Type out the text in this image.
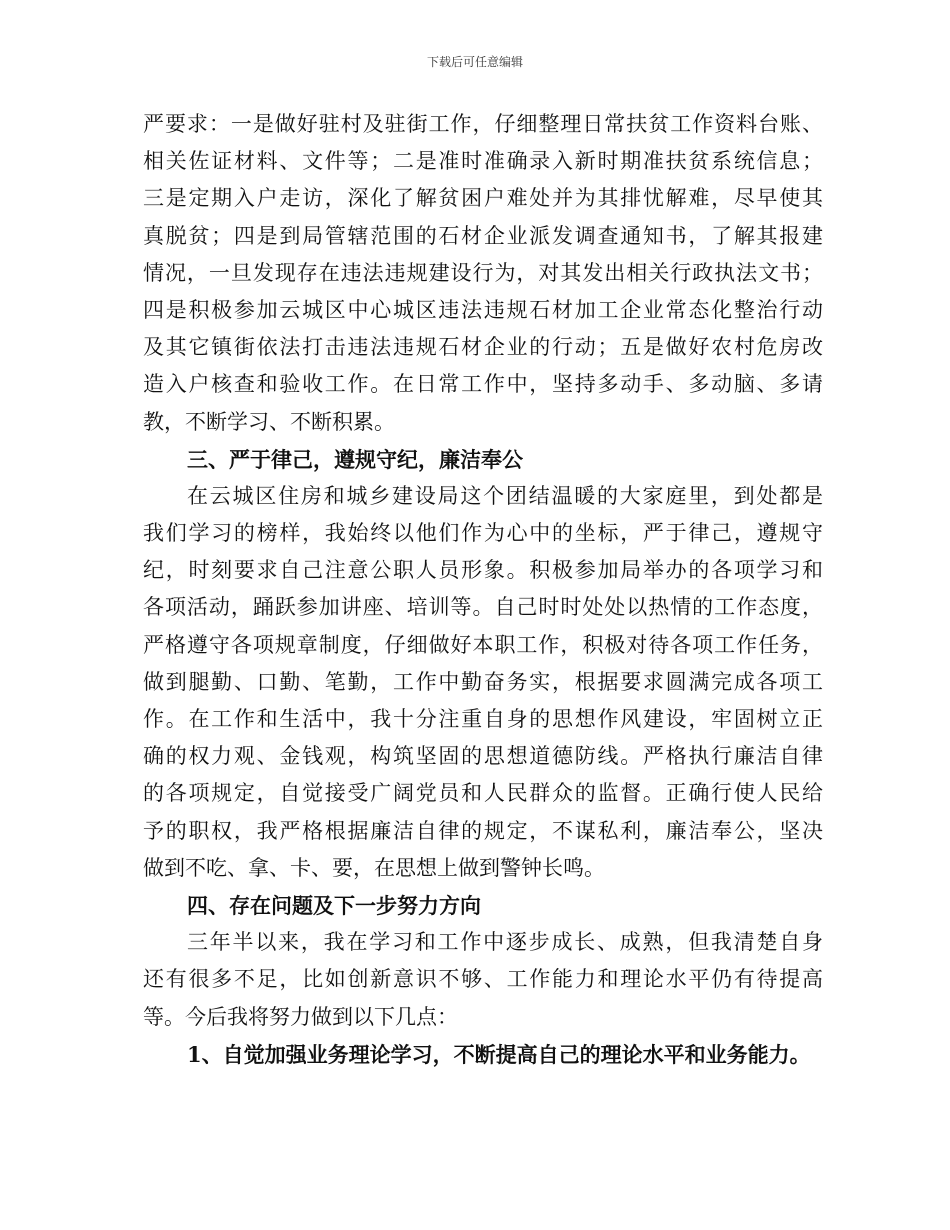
下载后可任意编辑
严要求：一是做好驻村及驻街工作，仔细整理日常扶贫工作资料台账、
相关佐证材料、文件等；二是准时准确录入新时期准扶贫系统信息；
三是定期入户走访，深化了解贫困户难处并为其排忧解难，尽早使其
真脱贫；四是到局管辖范围的石材企业派发调查通知书，了解其报建
情况，一旦发现存在违法违规建设行为，对其发出相关行政执法文书；
四是积极参加云城区中心城区违法违规石材加工企业常态化整治行动
及其它镇街依法打击违法违规石材企业的行动；五是做好农村危房改
造入户核查和验收工作。在日常工作中，坚持多动手、多动脑、多请
教，不断学习、不断积累。
三、严于律己，遵规守纪，廉洁奉公
在云城区住房和城乡建设局这个团结温暖的大家庭里，到处都是
我们学习的榜样，我始终以他们作为心中的坐标，严于律己，遵规守
纪，时刻要求自己注意公职人员形象。积极参加局举办的各项学习和
各项活动，踊跃参加讲座、培训等。自己时时处处以热情的工作态度，
严格遵守各项规章制度，仔细做好本职工作，积极对待各项工作任务，
做到腿勤、口勤、笔勤，工作中勤奋务实，根据要求圆满完成各项工
作。在工作和生活中，我十分注重自身的思想作风建设，牢固树立正
确的权力观、金钱观，构筑坚固的思想道德防线。严格执行廉洁自律
的各项规定，自觉接受广阔党员和人民群众的监督。正确行使人民给
予的职权，我严格根据廉洁自律的规定，不谋私利，廉洁奉公，坚决
做到不吃、拿、卡、要，在思想上做到警钟长鸣。
四、存在问题及下一步努力方向
三年半以来，我在学习和工作中逐步成长、成熟，但我清楚自身
还有很多不足，比如创新意识不够、工作能力和理论水平仍有待提高
等。今后我将努力做到以下几点：
1、自觉加强业务理论学习，不断提高自己的理论水平和业务能力。
